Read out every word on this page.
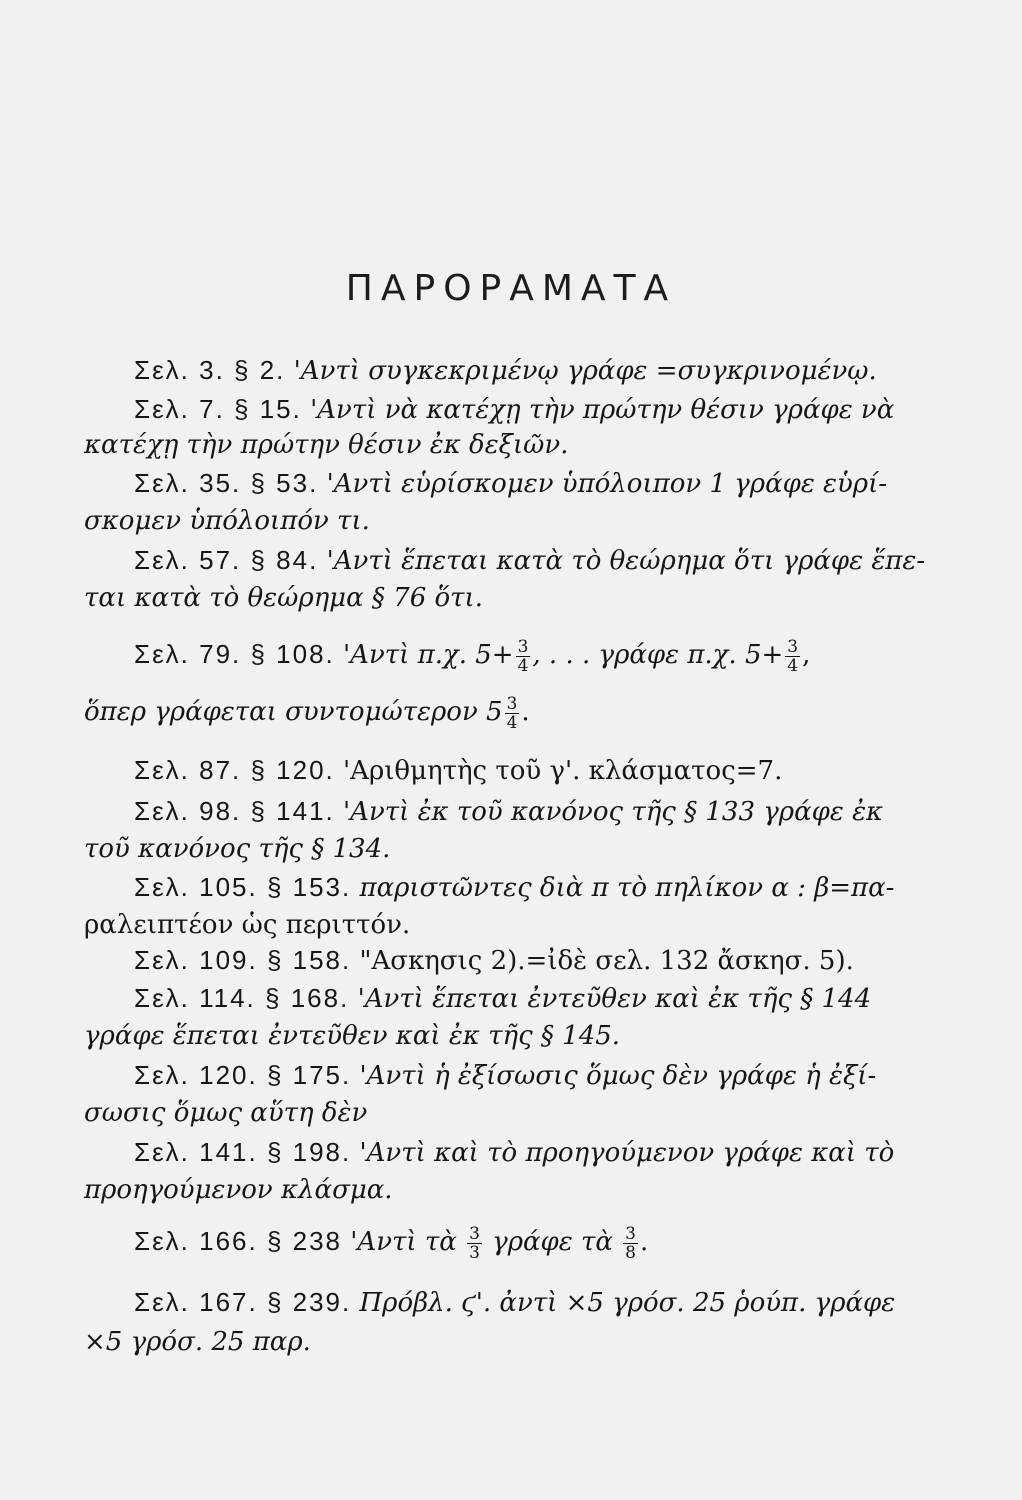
ΠΑΡΟΡΑΜΑΤΑ
Σελ. 3. § 2. 'Αντὶ συγκεκριμένῳ γράφε =συγκρινομένῳ.
Σελ. 7. § 15. 'Αντὶ νὰ κατέχῃ τὴν πρώτην θέσιν γράφε νὰ
κατέχῃ τὴν πρώτην θέσιν ἐκ δεξιῶν.
Σελ. 35. § 53. 'Αντὶ εὑρίσκομεν ὑπόλοιπον 1 γράφε εὑρί-
σκομεν ὑπόλοιπόν τι.
Σελ. 57. § 84. 'Αντὶ ἕπεται κατὰ τὸ θεώρημα ὅτι γράφε ἕπε-
ται κατὰ τὸ θεώρημα § 76 ὅτι.
Σελ. 79. § 108. 'Αντὶ π.χ. $5+ \frac{3}{4}$ , . . . γράφε π.χ. $5+ \frac{3}{4}$ ,
ὅπερ γράφεται συντομώτερον $5 \frac{3}{4}$ .
Σελ. 87. § 120. 'Αριθμητὴς τοῦ γ'. κλάσματος=7.
Σελ. 98. § 141. 'Αντὶ ἐκ τοῦ κανόνος τῆς § 133 γράφε ἐκ
τοῦ κανόνος τῆς § 134.
Σελ. 105. § 153. παριστῶντες διὰ π τὸ πηλίκον α : β=πα-
ραλειπτέον ὡς περιττόν.
Σελ. 109. § 158. "Ασκησις 2).=ἰδὲ σελ. 132 ἄσκησ. 5).
Σελ. 114. § 168. 'Αντὶ ἕπεται ἐντεῦθεν καὶ ἐκ τῆς § 144
γράφε ἕπεται ἐντεῦθεν καὶ ἐκ τῆς § 145.
Σελ. 120. § 175. 'Αντὶ ἡ ἐξίσωσις ὅμως δὲν γράφε ἡ ἐξί-
σωσις ὅμως αὕτη δὲν
Σελ. 141. § 198. 'Αντὶ καὶ τὸ προηγούμενον γράφε καὶ τὸ
προηγούμενον κλάσμα.
Σελ. 166. § 238 'Αντὶ τὰ $\frac{3}{3}$ γράφε τὰ $\frac{3}{8}$ .
Σελ. 167. § 239. Πρόβλ. ϛ'. ἀντὶ ×5 γρόσ. 25 ῥούπ. γράφε
×5 γρόσ. 25 παρ.
